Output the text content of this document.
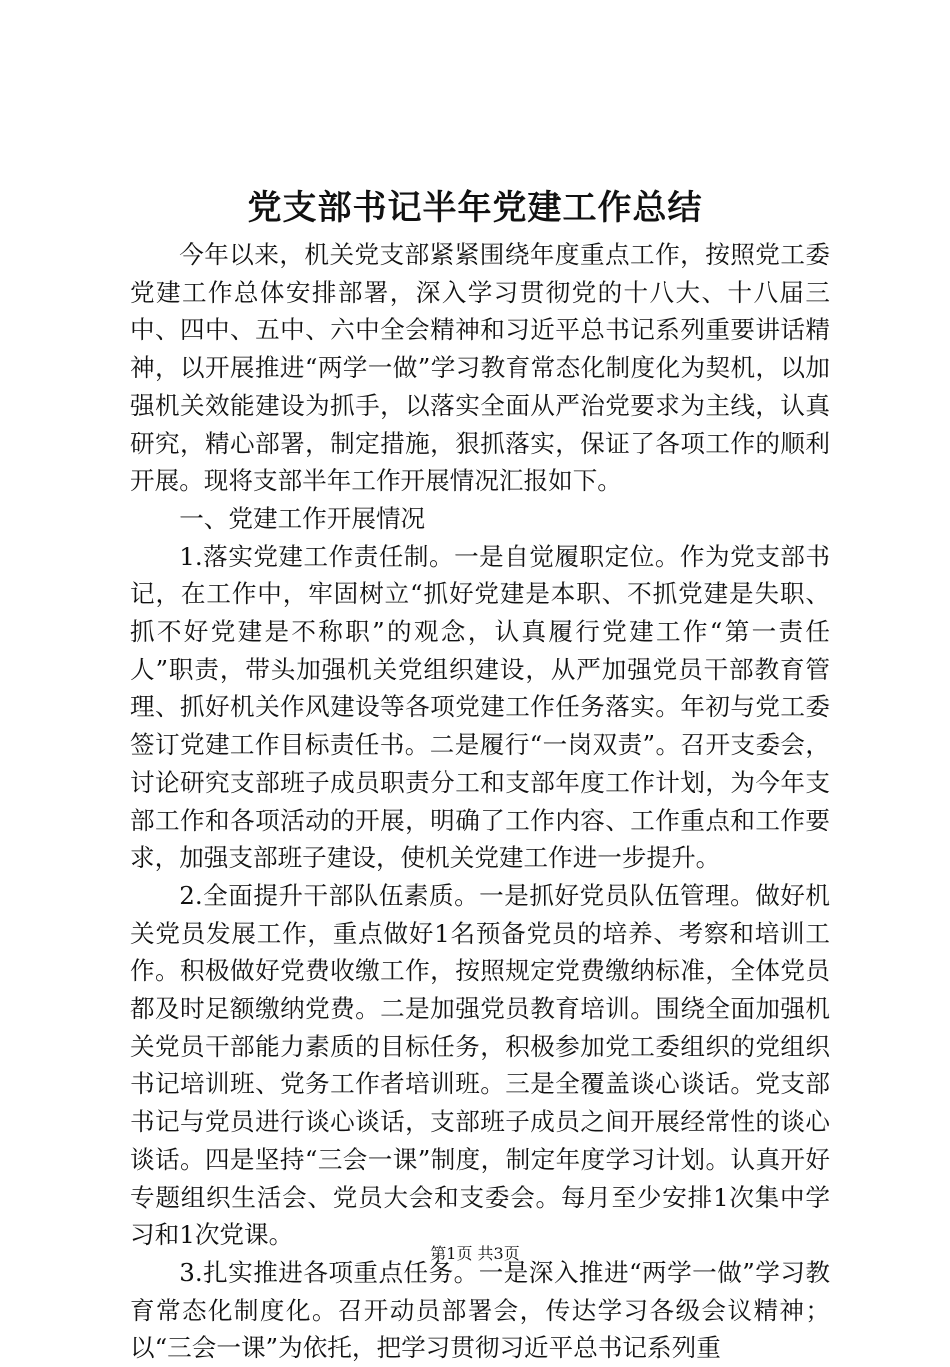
党支部书记半年党建工作总结

今年以来，机关党支部紧紧围绕年度重点工作，按照党工委党建工作总体安排部署，深入学习贯彻党的十八大、十八届三中、四中、五中、六中全会精神和习近平总书记系列重要讲话精神，以开展推进“两学一做”学习教育常态化制度化为契机，以加强机关效能建设为抓手，以落实全面从严治党要求为主线，认真研究，精心部署，制定措施，狠抓落实，保证了各项工作的顺利开展。现将支部半年工作开展情况汇报如下。

一、党建工作开展情况

1.落实党建工作责任制。一是自觉履职定位。作为党支部书记，在工作中，牢固树立“抓好党建是本职、不抓党建是失职、抓不好党建是不称职”的观念，认真履行党建工作“第一责任人”职责，带头加强机关党组织建设，从严加强党员干部教育管理、抓好机关作风建设等各项党建工作任务落实。年初与党工委签订党建工作目标责任书。二是履行“一岗双责”。召开支委会，讨论研究支部班子成员职责分工和支部年度工作计划，为今年支部工作和各项活动的开展，明确了工作内容、工作重点和工作要求，加强支部班子建设，使机关党建工作进一步提升。

2.全面提升干部队伍素质。一是抓好党员队伍管理。做好机关党员发展工作，重点做好1名预备党员的培养、考察和培训工作。积极做好党费收缴工作，按照规定党费缴纳标准，全体党员都及时足额缴纳党费。二是加强党员教育培训。围绕全面加强机关党员干部能力素质的目标任务，积极参加党工委组织的党组织书记培训班、党务工作者培训班。三是全覆盖谈心谈话。党支部书记与党员进行谈心谈话，支部班子成员之间开展经常性的谈心谈话。四是坚持“三会一课”制度，制定年度学习计划。认真开好专题组织生活会、党员大会和支委会。每月至少安排1次集中学习和1次党课。

3.扎实推进各项重点任务。一是深入推进“两学一做”学习教育常态化制度化。召开动员部署会，传达学习各级会议精神；以“三会一课”为依托，把学习贯彻习近平总书记系列重

第1页 共3页
